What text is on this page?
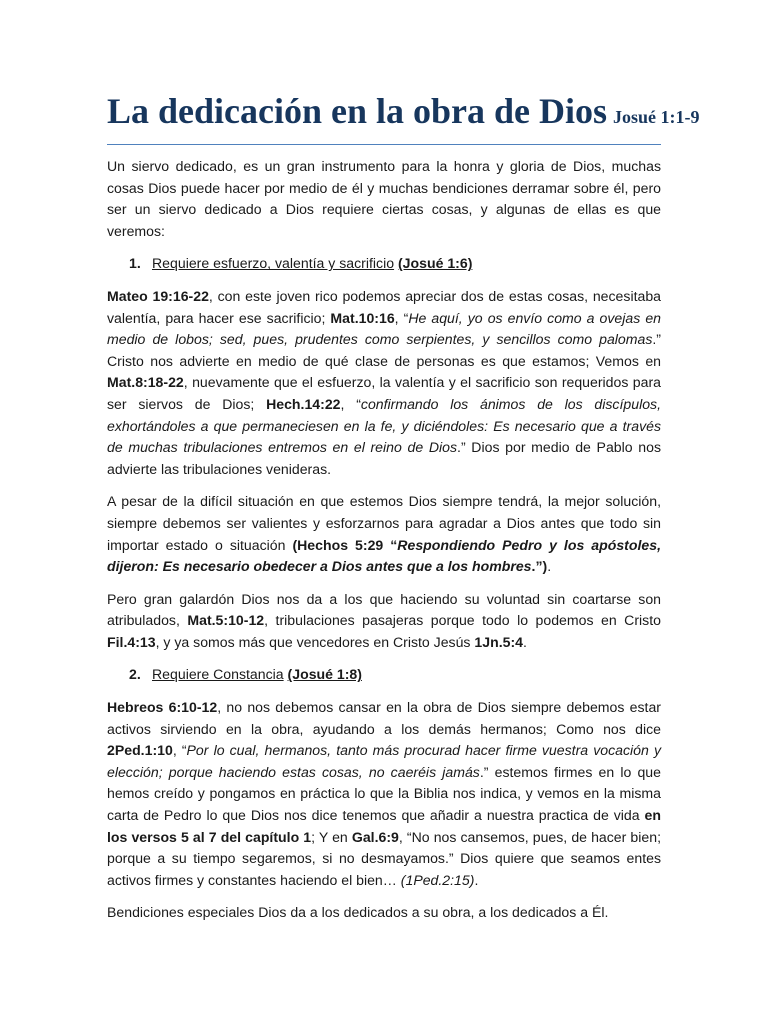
La dedicación en la obra de Dios Josué 1:1-9

Un siervo dedicado, es un gran instrumento para la honra y gloria de Dios, muchas cosas Dios puede hacer por medio de él y muchas bendiciones derramar sobre él, pero ser un siervo dedicado a Dios requiere ciertas cosas, y algunas de ellas es que veremos:

1. Requiere esfuerzo, valentía y sacrificio (Josué 1:6)

Mateo 19:16-22, con este joven rico podemos apreciar dos de estas cosas, necesitaba valentía, para hacer ese sacrificio; Mat.10:16, “He aquí, yo os envío como a ovejas en medio de lobos; sed, pues, prudentes como serpientes, y sencillos como palomas.” Cristo nos advierte en medio de qué clase de personas es que estamos; Vemos en Mat.8:18-22, nuevamente que el esfuerzo, la valentía y el sacrificio son requeridos para ser siervos de Dios; Hech.14:22, “confirmando los ánimos de los discípulos, exhortándoles a que permaneciesen en la fe, y diciéndoles: Es necesario que a través de muchas tribulaciones entremos en el reino de Dios.” Dios por medio de Pablo nos advierte las tribulaciones venideras.

A pesar de la difícil situación en que estemos Dios siempre tendrá, la mejor solución, siempre debemos ser valientes y esforzarnos para agradar a Dios antes que todo sin importar estado o situación (Hechos 5:29 “Respondiendo Pedro y los apóstoles, dijeron: Es necesario obedecer a Dios antes que a los hombres.”).

Pero gran galardón Dios nos da a los que haciendo su voluntad sin coartarse son atribulados, Mat.5:10-12, tribulaciones pasajeras porque todo lo podemos en Cristo Fil.4:13, y ya somos más que vencedores en Cristo Jesús 1Jn.5:4.

2. Requiere Constancia (Josué 1:8)

Hebreos 6:10-12, no nos debemos cansar en la obra de Dios siempre debemos estar activos sirviendo en la obra, ayudando a los demás hermanos; Como nos dice 2Ped.1:10, “Por lo cual, hermanos, tanto más procurad hacer firme vuestra vocación y elección; porque haciendo estas cosas, no caeréis jamás.” estemos firmes en lo que hemos creído y pongamos en práctica lo que la Biblia nos indica, y vemos en la misma carta de Pedro lo que Dios nos dice tenemos que añadir a nuestra practica de vida en los versos 5 al 7 del capítulo 1; Y en Gal.6:9, “No nos cansemos, pues, de hacer bien; porque a su tiempo segaremos, si no desmayamos.” Dios quiere que seamos entes activos firmes y constantes haciendo el bien… (1Ped.2:15).

Bendiciones especiales Dios da a los dedicados a su obra, a los dedicados a Él.
